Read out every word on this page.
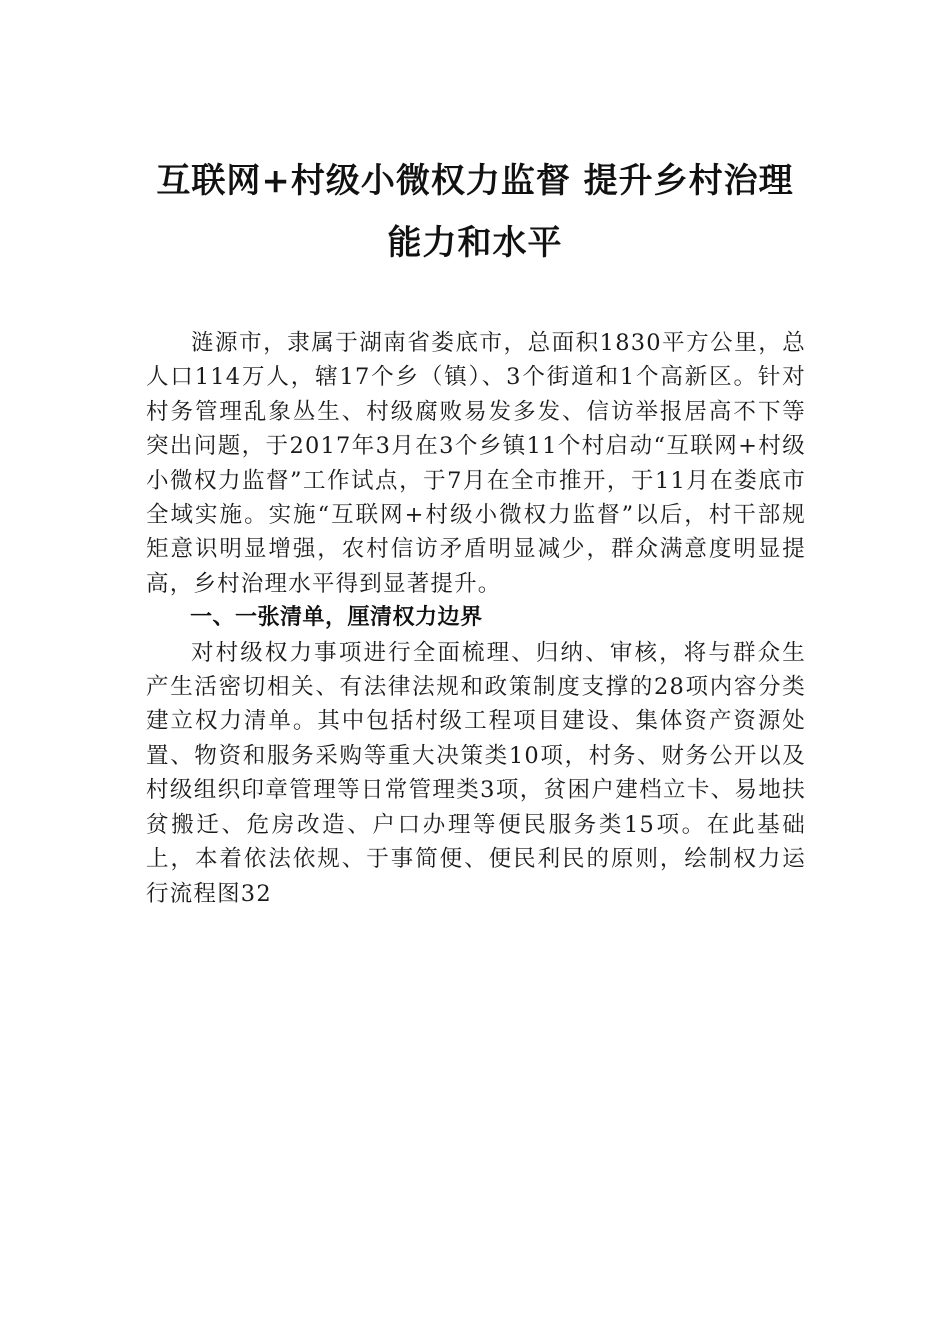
互联网+村级小微权力监督 提升乡村治理能力和水平

涟源市，隶属于湖南省娄底市，总面积1830平方公里，总人口114万人，辖17个乡（镇）、3个街道和1个高新区。针对村务管理乱象丛生、村级腐败易发多发、信访举报居高不下等突出问题，于2017年3月在3个乡镇11个村启动“互联网+村级小微权力监督”工作试点，于7月在全市推开，于11月在娄底市全域实施。实施“互联网+村级小微权力监督”以后，村干部规矩意识明显增强，农村信访矛盾明显减少，群众满意度明显提高，乡村治理水平得到显著提升。

一、一张清单，厘清权力边界

对村级权力事项进行全面梳理、归纳、审核，将与群众生产生活密切相关、有法律法规和政策制度支撑的28项内容分类建立权力清单。其中包括村级工程项目建设、集体资产资源处置、物资和服务采购等重大决策类10项，村务、财务公开以及村级组织印章管理等日常管理类3项，贫困户建档立卡、易地扶贫搬迁、危房改造、户口办理等便民服务类15项。在此基础上，本着依法依规、于事简便、便民利民的原则，绘制权力运行流程图32
